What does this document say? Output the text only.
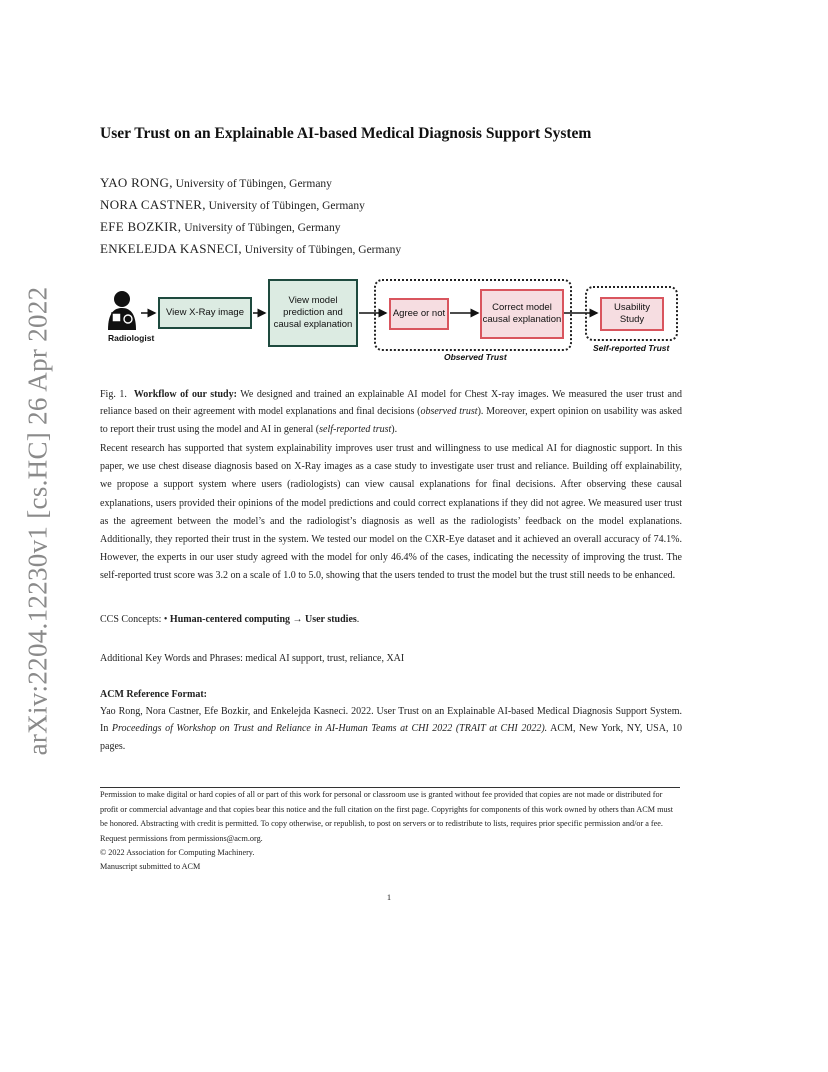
arXiv:2204.12230v1 [cs.HC] 26 Apr 2022
User Trust on an Explainable AI-based Medical Diagnosis Support System
YAO RONG, University of Tübingen, Germany
NORA CASTNER, University of Tübingen, Germany
EFE BOZKIR, University of Tübingen, Germany
ENKELEJDA KASNECI, University of Tübingen, Germany
Radiologist
View X-Ray image
View model prediction and causal explanation
Agree or not
Correct model causal explanation
Observed Trust
Usability Study
Self-reported Trust
Fig. 1. Workflow of our study: We designed and trained an explainable AI model for Chest X-ray images. We measured the user trust and reliance based on their agreement with model explanations and final decisions (observed trust). Moreover, expert opinion on usability was asked to report their trust using the model and AI in general (self-reported trust).
Recent research has supported that system explainability improves user trust and willingness to use medical AI for diagnostic support. In this paper, we use chest disease diagnosis based on X-Ray images as a case study to investigate user trust and reliance. Building off explainability, we propose a support system where users (radiologists) can view causal explanations for final decisions. After observing these causal explanations, users provided their opinions of the model predictions and could correct explanations if they did not agree. We measured user trust as the agreement between the model’s and the radiologist’s diagnosis as well as the radiologists’ feedback on the model explanations. Additionally, they reported their trust in the system. We tested our model on the CXR-Eye dataset and it achieved an overall accuracy of 74.1%. However, the experts in our user study agreed with the model for only 46.4% of the cases, indicating the necessity of improving the trust. The self-reported trust score was 3.2 on a scale of 1.0 to 5.0, showing that the users tended to trust the model but the trust still needs to be enhanced.
CCS Concepts: • Human-centered computing → User studies.
Additional Key Words and Phrases: medical AI support, trust, reliance, XAI
ACM Reference Format:
Yao Rong, Nora Castner, Efe Bozkir, and Enkelejda Kasneci. 2022. User Trust on an Explainable AI-based Medical Diagnosis Support System. In Proceedings of Workshop on Trust and Reliance in AI-Human Teams at CHI 2022 (TRAIT at CHI 2022). ACM, New York, NY, USA, 10 pages.
Permission to make digital or hard copies of all or part of this work for personal or classroom use is granted without fee provided that copies are not made or distributed for profit or commercial advantage and that copies bear this notice and the full citation on the first page. Copyrights for components of this work owned by others than ACM must be honored. Abstracting with credit is permitted. To copy otherwise, or republish, to post on servers or to redistribute to lists, requires prior specific permission and/or a fee. Request permissions from permissions@acm.org.
© 2022 Association for Computing Machinery.
Manuscript submitted to ACM
1
